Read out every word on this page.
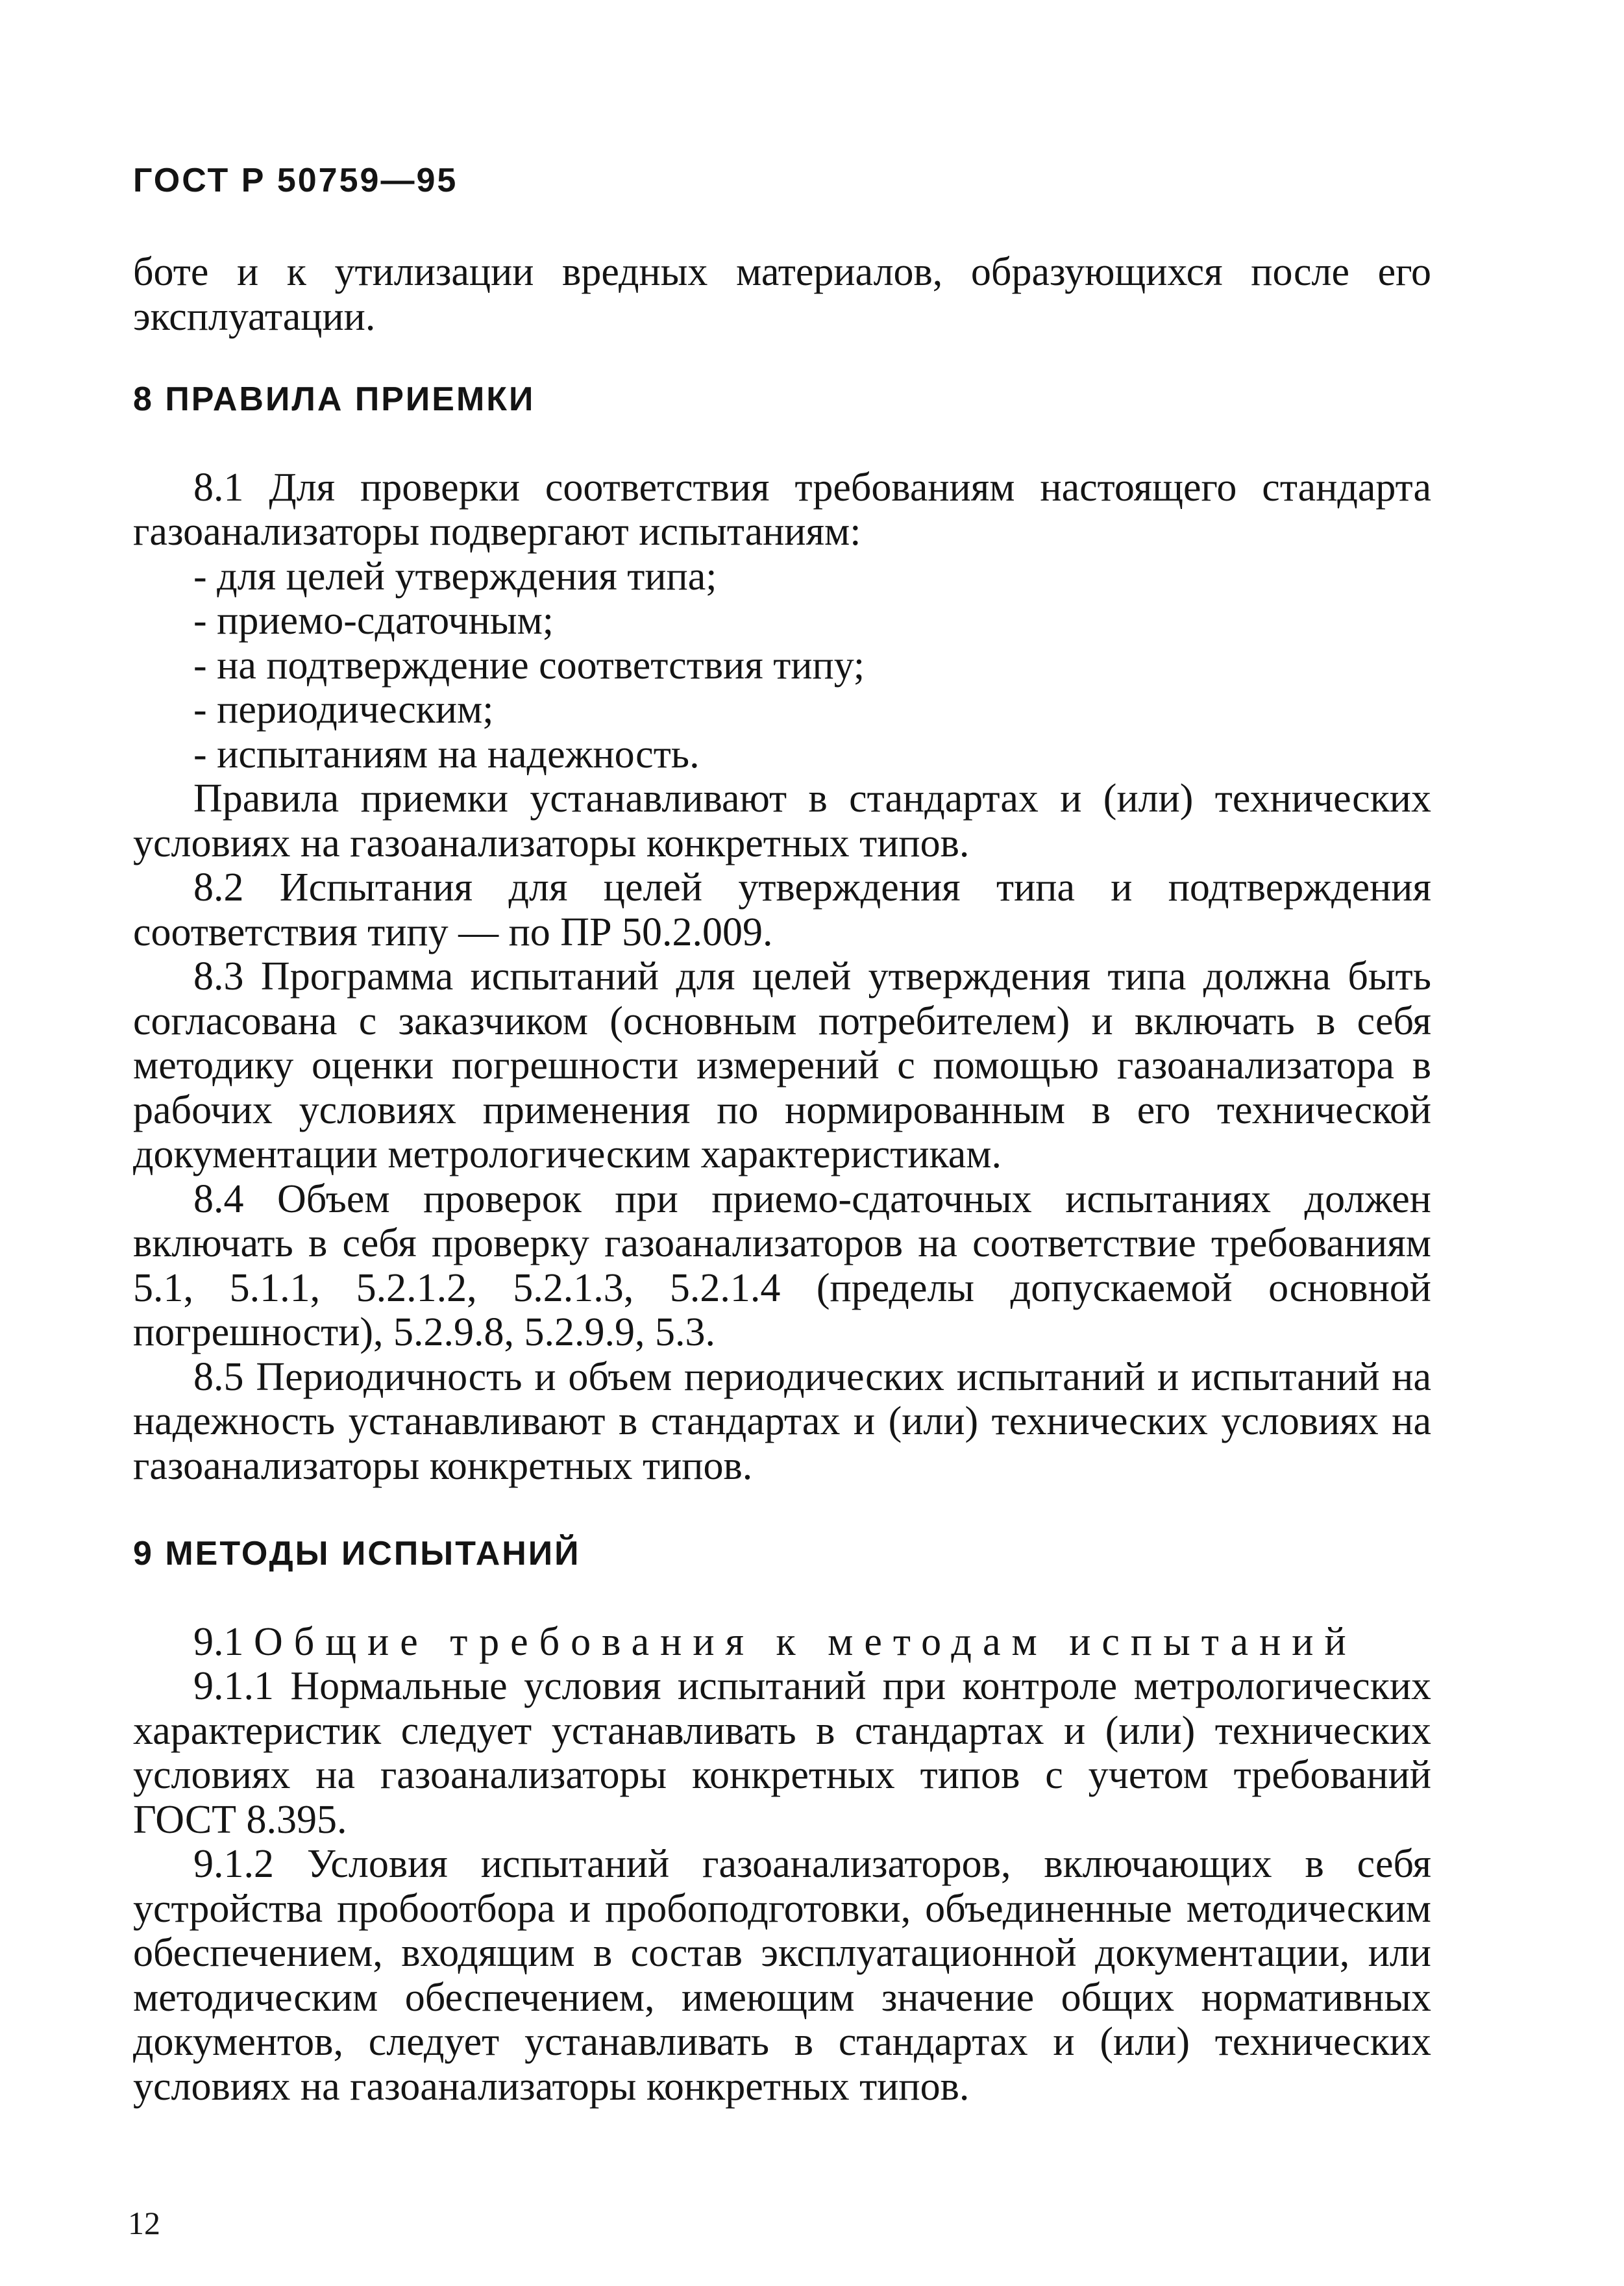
ГОСТ Р 50759—95

боте и к утилизации вредных материалов, образующихся после его эксплуатации.

8 ПРАВИЛА ПРИЕМКИ

8.1 Для проверки соответствия требованиям настоящего стандарта газоанализаторы подвергают испытаниям:

- для целей утверждения типа;

- приемо-сдаточным;

- на подтверждение соответствия типу;

- периодическим;

- испытаниям на надежность.

Правила приемки устанавливают в стандартах и (или) технических условиях на газоанализаторы конкретных типов.

8.2 Испытания для целей утверждения типа и подтверждения соответствия типу — по ПР 50.2.009.

8.3 Программа испытаний для целей утверждения типа должна быть согласована с заказчиком (основным потребителем) и включать в себя методику оценки погрешности измерений с помощью газоанализатора в рабочих условиях применения по нормированным в его технической документации метрологическим характеристикам.

8.4 Объем проверок при приемо-сдаточных испытаниях должен включать в себя проверку газоанализаторов на соответствие требованиям 5.1, 5.1.1, 5.2.1.2, 5.2.1.3, 5.2.1.4 (пределы допускаемой основной погрешности), 5.2.9.8, 5.2.9.9, 5.3.

8.5 Периодичность и объем периодических испытаний и испытаний на надежность устанавливают в стандартах и (или) технических условиях на газоанализаторы конкретных типов.

9 МЕТОДЫ ИСПЫТАНИЙ

9.1 Общие требования к методам испытаний

9.1.1 Нормальные условия испытаний при контроле метрологических характеристик следует устанавливать в стандартах и (или) технических условиях на газоанализаторы конкретных типов с учетом требований ГОСТ 8.395.

9.1.2 Условия испытаний газоанализаторов, включающих в себя устройства пробоотбора и пробоподготовки, объединенные методическим обеспечением, входящим в состав эксплуатационной документации, или методическим обеспечением, имеющим значение общих нормативных документов, следует устанавливать в стандартах и (или) технических условиях на газоанализаторы конкретных типов.

12
